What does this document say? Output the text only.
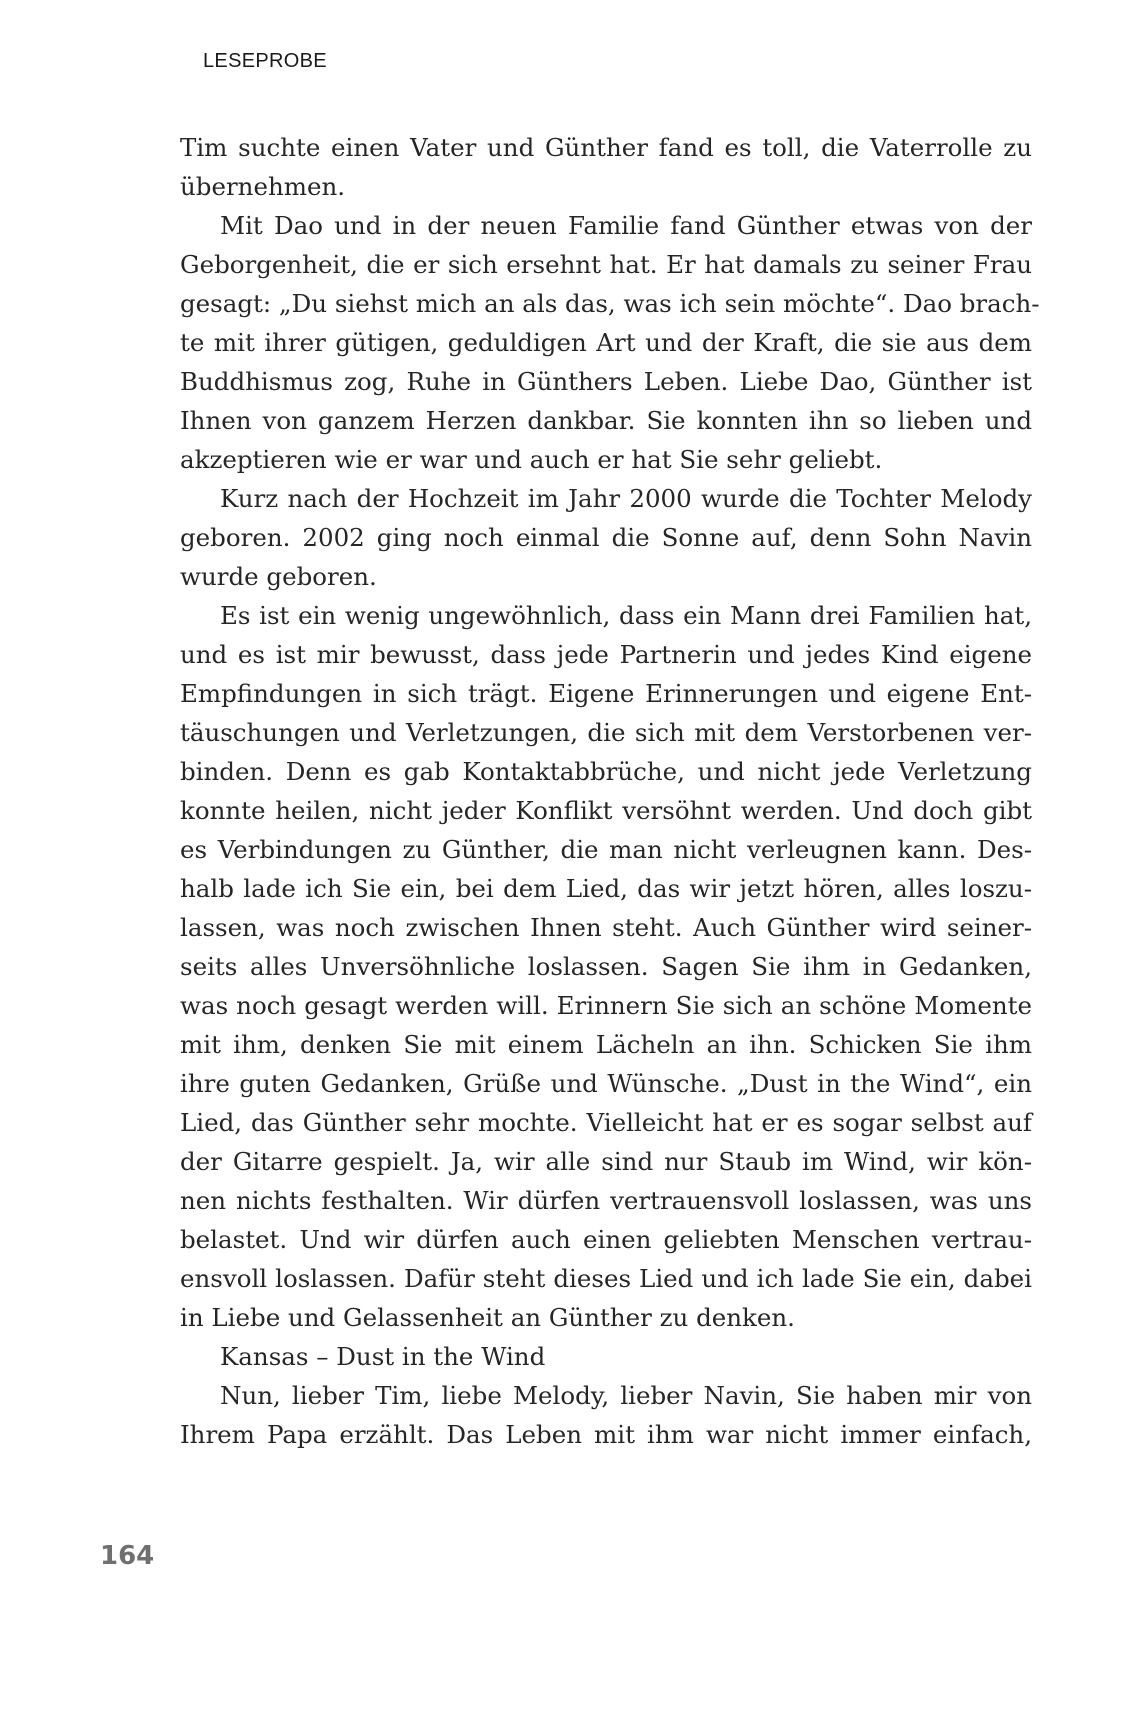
LESEPROBE
Tim suchte einen Vater und Günther fand es toll, die Vaterrolle zu
übernehmen.
Mit Dao und in der neuen Familie fand Günther etwas von der
Geborgenheit, die er sich ersehnt hat. Er hat damals zu seiner Frau
gesagt: „Du siehst mich an als das, was ich sein möchte“. Dao brach-
te mit ihrer gütigen, geduldigen Art und der Kraft, die sie aus dem
Buddhismus zog, Ruhe in Günthers Leben. Liebe Dao, Günther ist
Ihnen von ganzem Herzen dankbar. Sie konnten ihn so lieben und
akzeptieren wie er war und auch er hat Sie sehr geliebt.
Kurz nach der Hochzeit im Jahr 2000 wurde die Tochter Melody
geboren. 2002 ging noch einmal die Sonne auf, denn Sohn Navin
wurde geboren.
Es ist ein wenig ungewöhnlich, dass ein Mann drei Familien hat,
und es ist mir bewusst, dass jede Partnerin und jedes Kind eigene
Empfindungen in sich trägt. Eigene Erinnerungen und eigene Ent-
täuschungen und Verletzungen, die sich mit dem Verstorbenen ver-
binden. Denn es gab Kontaktabbrüche, und nicht jede Verletzung
konnte heilen, nicht jeder Konflikt versöhnt werden. Und doch gibt
es Verbindungen zu Günther, die man nicht verleugnen kann. Des-
halb lade ich Sie ein, bei dem Lied, das wir jetzt hören, alles loszu-
lassen, was noch zwischen Ihnen steht. Auch Günther wird seiner-
seits alles Unversöhnliche loslassen. Sagen Sie ihm in Gedanken,
was noch gesagt werden will. Erinnern Sie sich an schöne Momente
mit ihm, denken Sie mit einem Lächeln an ihn. Schicken Sie ihm
ihre guten Gedanken, Grüße und Wünsche. „Dust in the Wind“, ein
Lied, das Günther sehr mochte. Vielleicht hat er es sogar selbst auf
der Gitarre gespielt. Ja, wir alle sind nur Staub im Wind, wir kön-
nen nichts festhalten. Wir dürfen vertrauensvoll loslassen, was uns
belastet. Und wir dürfen auch einen geliebten Menschen vertrau-
ensvoll loslassen. Dafür steht dieses Lied und ich lade Sie ein, dabei
in Liebe und Gelassenheit an Günther zu denken.
Kansas – Dust in the Wind
Nun, lieber Tim, liebe Melody, lieber Navin, Sie haben mir von
Ihrem Papa erzählt. Das Leben mit ihm war nicht immer einfach,
164
